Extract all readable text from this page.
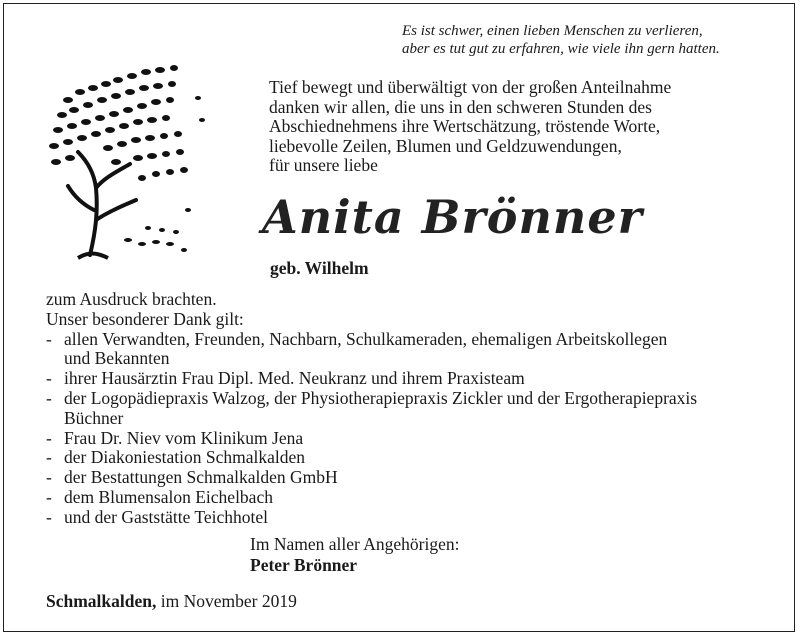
Es ist schwer, einen lieben Menschen zu verlieren,
aber es tut gut zu erfahren, wie viele ihn gern hatten.
Tief bewegt und überwältigt von der großen Anteilnahme
danken wir allen, die uns in den schweren Stunden des
Abschiednehmens ihre Wertschätzung, tröstende Worte,
liebevolle Zeilen, Blumen und Geldzuwendungen,
für unsere liebe
Anita Brönner
geb. Wilhelm
zum Ausdruck brachten.
Unser besonderer Dank gilt:
- allen Verwandten, Freunden, Nachbarn, Schulkameraden, ehemaligen Arbeitskollegen
und Bekannten
- ihrer Hausärztin Frau Dipl. Med. Neukranz und ihrem Praxisteam
- der Logopädiepraxis Walzog, der Physiotherapiepraxis Zickler und der Ergotherapiepraxis
Büchner
- Frau Dr. Niev vom Klinikum Jena
- der Diakoniestation Schmalkalden
- der Bestattungen Schmalkalden GmbH
- dem Blumensalon Eichelbach
- und der Gaststätte Teichhotel
Im Namen aller Angehörigen:
Peter Brönner
Schmalkalden, im November 2019
